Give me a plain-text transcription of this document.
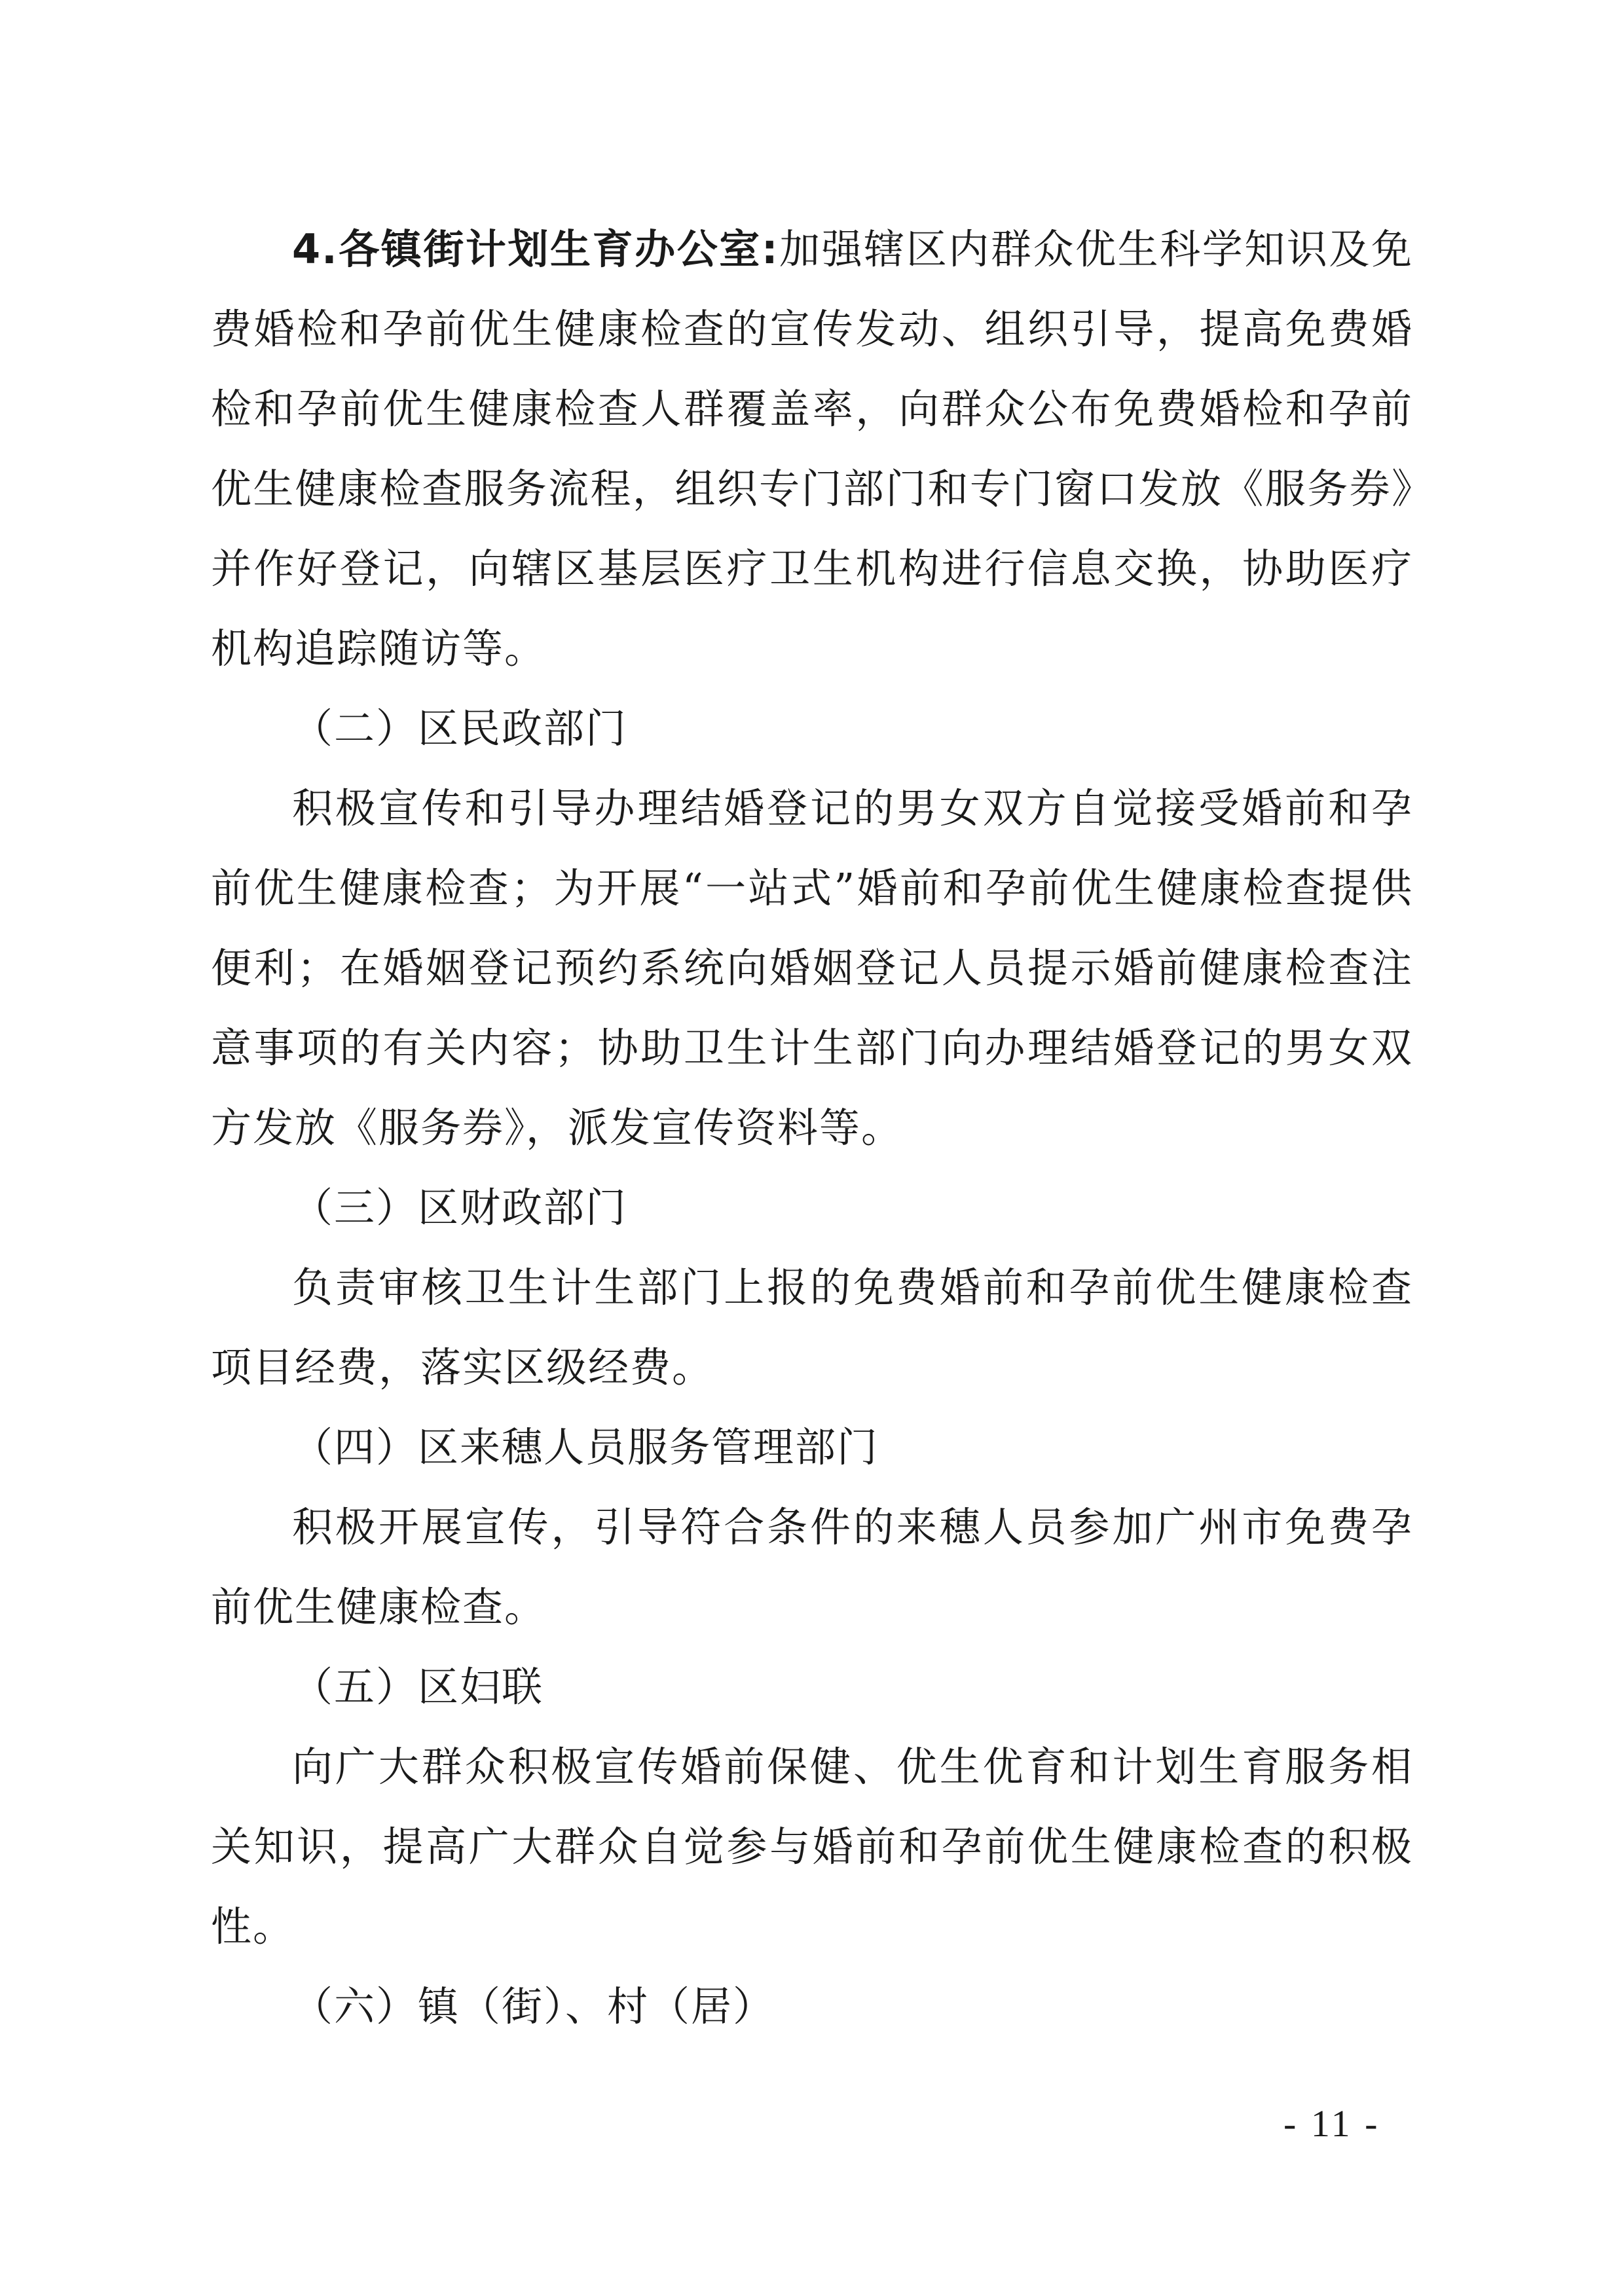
4.各镇街计划生育办公室:加强辖区内群众优生科学知识及免费婚检和孕前优生健康检查的宣传发动、组织引导，提高免费婚检和孕前优生健康检查人群覆盖率，向群众公布免费婚检和孕前优生健康检查服务流程，组织专门部门和专门窗口发放《服务券》并作好登记，向辖区基层医疗卫生机构进行信息交换，协助医疗机构追踪随访等。

（二）区民政部门

积极宣传和引导办理结婚登记的男女双方自觉接受婚前和孕前优生健康检查；为开展“一站式”婚前和孕前优生健康检查提供便利；在婚姻登记预约系统向婚姻登记人员提示婚前健康检查注意事项的有关内容；协助卫生计生部门向办理结婚登记的男女双方发放《服务券》，派发宣传资料等。

（三）区财政部门

负责审核卫生计生部门上报的免费婚前和孕前优生健康检查项目经费，落实区级经费。

（四）区来穗人员服务管理部门

积极开展宣传，引导符合条件的来穗人员参加广州市免费孕前优生健康检查。

（五）区妇联

向广大群众积极宣传婚前保健、优生优育和计划生育服务相关知识，提高广大群众自觉参与婚前和孕前优生健康检查的积极性。

（六）镇（街）、村（居）

- 11 -
